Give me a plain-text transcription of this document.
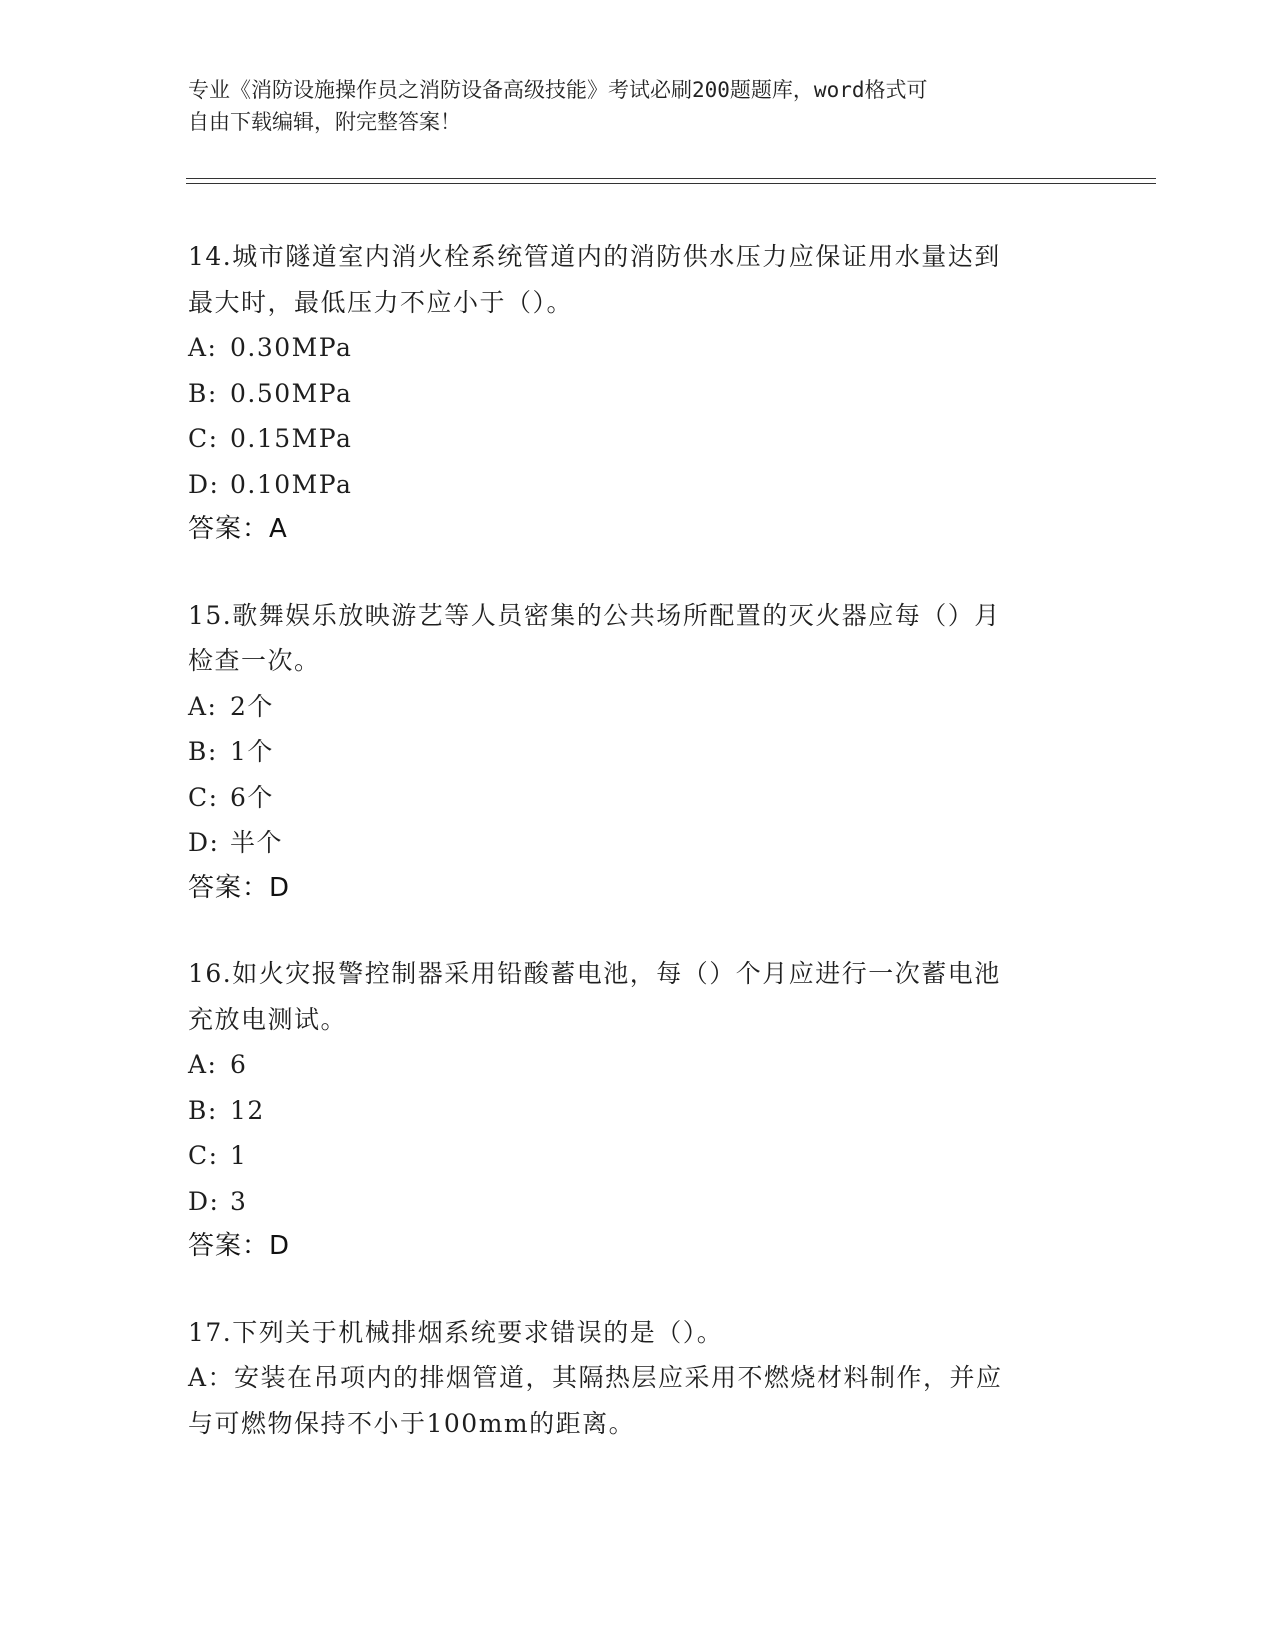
专业《消防设施操作员之消防设备高级技能》考试必刷200题题库，word格式可
自由下载编辑，附完整答案！
14.城市隧道室内消火栓系统管道内的消防供水压力应保证用水量达到
最大时，最低压力不应小于（）。
A: 0.30MPa
B: 0.50MPa
C: 0.15MPa
D: 0.10MPa
答案：A
15.歌舞娱乐放映游艺等人员密集的公共场所配置的灭火器应每（）月
检查一次。
A: 2个
B: 1个
C: 6个
D: 半个
答案：D
16.如火灾报警控制器采用铅酸蓄电池，每（）个月应进行一次蓄电池
充放电测试。
A: 6
B: 12
C: 1
D: 3
答案：D
17.下列关于机械排烟系统要求错误的是（）。
A：安装在吊项内的排烟管道，其隔热层应采用不燃烧材料制作，并应
与可燃物保持不小于100mm的距离。
